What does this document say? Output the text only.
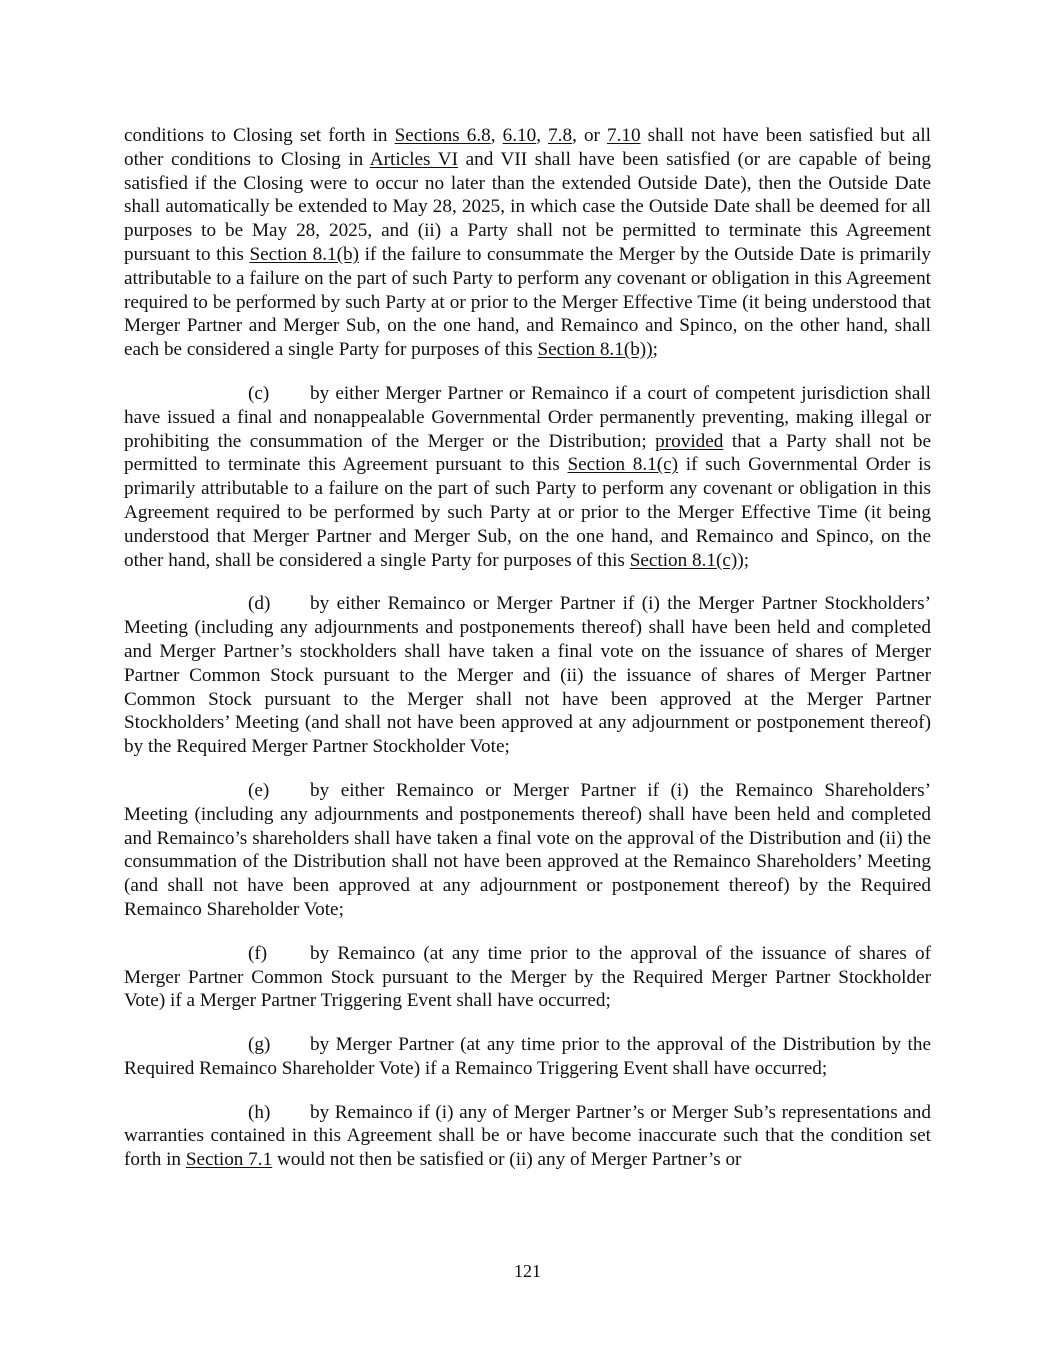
conditions to Closing set forth in Sections 6.8, 6.10, 7.8, or 7.10 shall not have been satisfied but all other conditions to Closing in Articles VI and VII shall have been satisfied (or are capable of being satisfied if the Closing were to occur no later than the extended Outside Date), then the Outside Date shall automatically be extended to May 28, 2025, in which case the Outside Date shall be deemed for all purposes to be May 28, 2025, and (ii) a Party shall not be permitted to terminate this Agreement pursuant to this Section 8.1(b) if the failure to consummate the Merger by the Outside Date is primarily attributable to a failure on the part of such Party to perform any covenant or obligation in this Agreement required to be performed by such Party at or prior to the Merger Effective Time (it being understood that Merger Partner and Merger Sub, on the one hand, and Remainco and Spinco, on the other hand, shall each be considered a single Party for purposes of this Section 8.1(b));

(c) by either Merger Partner or Remainco if a court of competent jurisdiction shall have issued a final and nonappealable Governmental Order permanently preventing, making illegal or prohibiting the consummation of the Merger or the Distribution; provided that a Party shall not be permitted to terminate this Agreement pursuant to this Section 8.1(c) if such Governmental Order is primarily attributable to a failure on the part of such Party to perform any covenant or obligation in this Agreement required to be performed by such Party at or prior to the Merger Effective Time (it being understood that Merger Partner and Merger Sub, on the one hand, and Remainco and Spinco, on the other hand, shall be considered a single Party for purposes of this Section 8.1(c));

(d) by either Remainco or Merger Partner if (i) the Merger Partner Stockholders’ Meeting (including any adjournments and postponements thereof) shall have been held and completed and Merger Partner’s stockholders shall have taken a final vote on the issuance of shares of Merger Partner Common Stock pursuant to the Merger and (ii) the issuance of shares of Merger Partner Common Stock pursuant to the Merger shall not have been approved at the Merger Partner Stockholders’ Meeting (and shall not have been approved at any adjournment or postponement thereof) by the Required Merger Partner Stockholder Vote;

(e) by either Remainco or Merger Partner if (i) the Remainco Shareholders’ Meeting (including any adjournments and postponements thereof) shall have been held and completed and Remainco’s shareholders shall have taken a final vote on the approval of the Distribution and (ii) the consummation of the Distribution shall not have been approved at the Remainco Shareholders’ Meeting (and shall not have been approved at any adjournment or postponement thereof) by the Required Remainco Shareholder Vote;

(f) by Remainco (at any time prior to the approval of the issuance of shares of Merger Partner Common Stock pursuant to the Merger by the Required Merger Partner Stockholder Vote) if a Merger Partner Triggering Event shall have occurred;

(g) by Merger Partner (at any time prior to the approval of the Distribution by the Required Remainco Shareholder Vote) if a Remainco Triggering Event shall have occurred;

(h) by Remainco if (i) any of Merger Partner’s or Merger Sub’s representations and warranties contained in this Agreement shall be or have become inaccurate such that the condition set forth in Section 7.1 would not then be satisfied or (ii) any of Merger Partner’s or

121
